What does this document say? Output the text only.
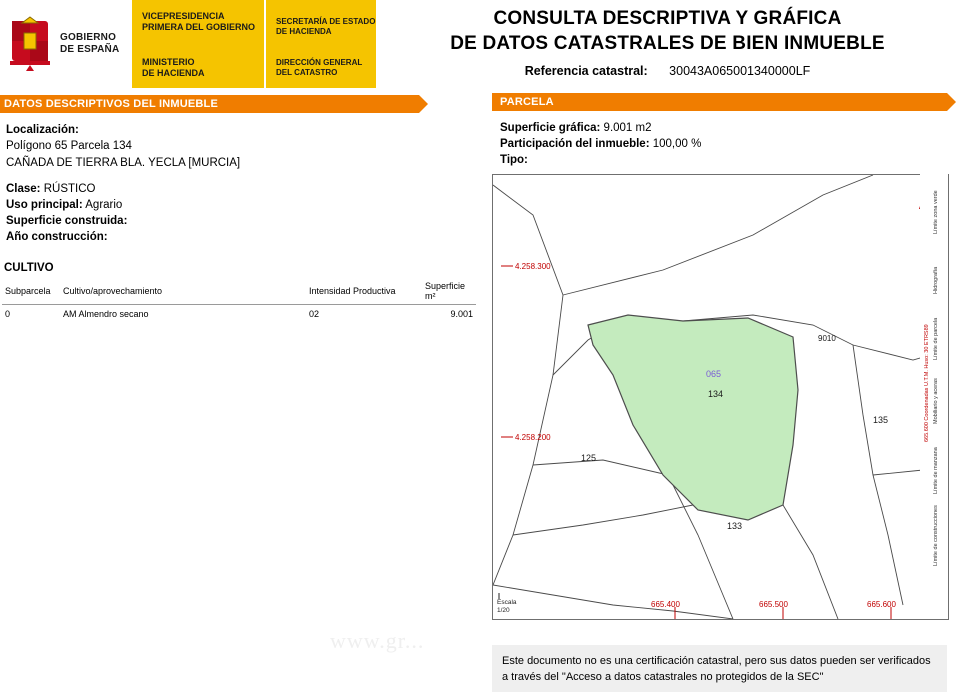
GOBIERNO
DE ESPAÑA
VICEPRESIDENCIA
PRIMERA DEL GOBIERNO
MINISTERIO
DE HACIENDA
SECRETARÍA DE ESTADO
DE HACIENDA
DIRECCIÓN GENERAL
DEL CATASTRO
CONSULTA DESCRIPTIVA Y GRÁFICA
DE DATOS CATASTRALES DE BIEN INMUEBLE
Referencia catastral: 30043A065001340000LF
DATOS DESCRIPTIVOS DEL INMUEBLE	PARCELA
Localización:
Polígono 65 Parcela 134
CAÑADA DE TIERRA BLA. YECLA [MURCIA]
Clase: RÚSTICO
Uso principal: Agrario
Superficie construida:
Año construcción:
CULTIVO
Subparcela	Cultivo/aprovechamiento	Intensidad Productiva	Superficie m²
0	AM Almendro secano	02	9.001
www.gr...
Superficie gráfica: 9.001 m2
Participación del inmueble: 100,00 %
Tipo:
065
134
125
133
135
9010
4.258.300
4.258.200
665.400	665.500	665.600
Escala
1/20
Límite zona verde
Hidrografía
Límite de parcela
Mobiliario y aceras
Límite de manzana
Límite de construcciones
665.600 Coordenadas U.T.M. Huso: 30 ETRS89
Este documento no es una certificación catastral, pero sus datos pueden ser verificados a través del "Acceso a datos catastrales no protegidos de la SEC"
